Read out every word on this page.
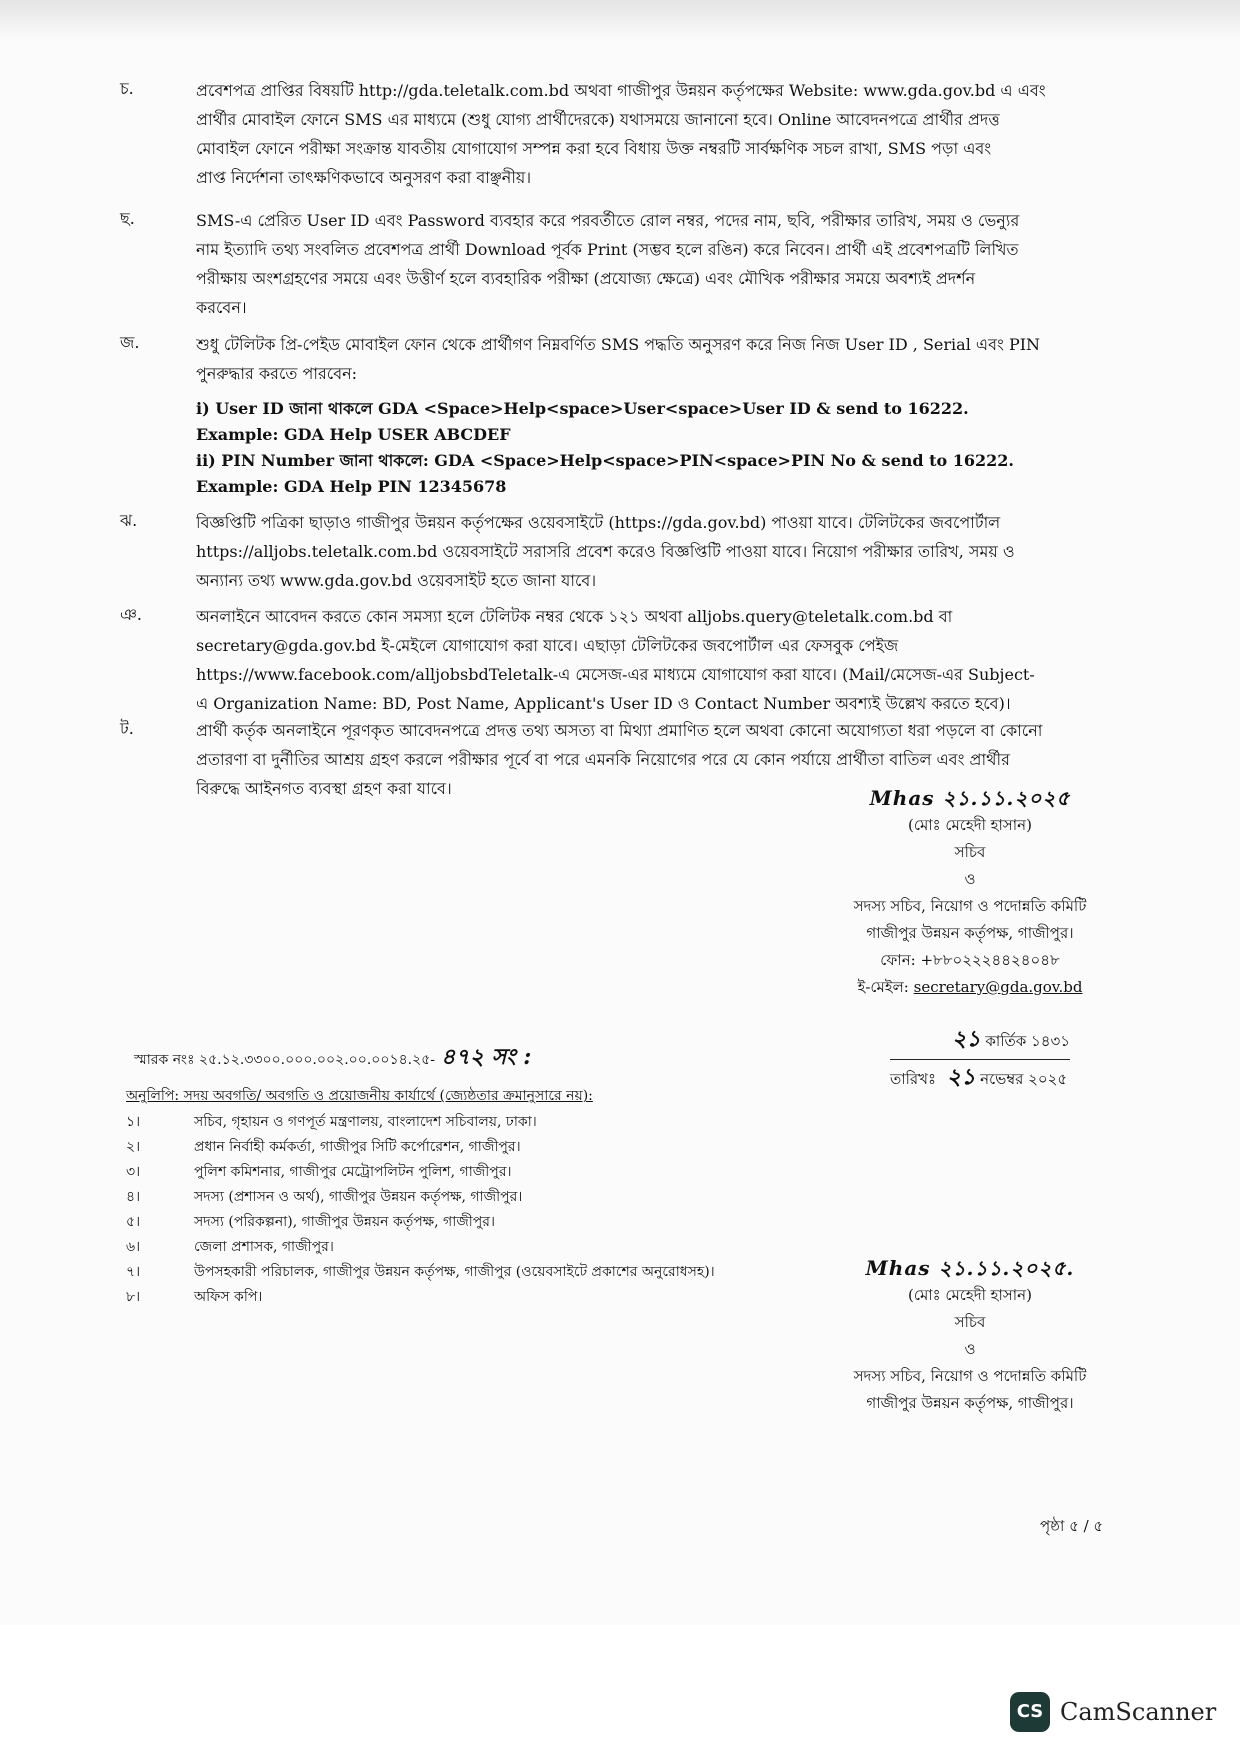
চ.	প্রবেশপত্র প্রাপ্তির বিষয়টি http://gda.teletalk.com.bd অথবা গাজীপুর উন্নয়ন কর্তৃপক্ষের Website: www.gda.gov.bd এ এবং
প্রার্থীর মোবাইল ফোনে SMS এর মাধ্যমে (শুধু যোগ্য প্রার্থীদেরকে) যথাসময়ে জানানো হবে। Online আবেদনপত্রে প্রার্থীর প্রদত্ত
মোবাইল ফোনে পরীক্ষা সংক্রান্ত যাবতীয় যোগাযোগ সম্পন্ন করা হবে বিধায় উক্ত নম্বরটি সার্বক্ষণিক সচল রাখা, SMS পড়া এবং
প্রাপ্ত নির্দেশনা তাৎক্ষণিকভাবে অনুসরণ করা বাঞ্ছনীয়।
ছ.	SMS-এ প্রেরিত User ID এবং Password ব্যবহার করে পরবর্তীতে রোল নম্বর, পদের নাম, ছবি, পরীক্ষার তারিখ, সময় ও ভেন্যুর
নাম ইত্যাদি তথ্য সংবলিত প্রবেশপত্র প্রার্থী Download পূর্বক Print (সম্ভব হলে রঙিন) করে নিবেন। প্রার্থী এই প্রবেশপত্রটি লিখিত
পরীক্ষায় অংশগ্রহণের সময়ে এবং উত্তীর্ণ হলে ব্যবহারিক পরীক্ষা (প্রযোজ্য ক্ষেত্রে) এবং মৌখিক পরীক্ষার সময়ে অবশ্যই প্রদর্শন
করবেন।
জ.	শুধু টেলিটক প্রি-পেইড মোবাইল ফোন থেকে প্রার্থীগণ নিম্নবর্ণিত SMS পদ্ধতি অনুসরণ করে নিজ নিজ User ID , Serial এবং PIN
পুনরুদ্ধার করতে পারবেন:
i) User ID জানা থাকলে GDA <Space>Help<space>User<space>User ID & send to 16222.
Example: GDA Help USER ABCDEF
ii) PIN Number জানা থাকলে: GDA <Space>Help<space>PIN<space>PIN No & send to 16222.
Example: GDA Help PIN 12345678
ঝ.	বিজ্ঞপ্তিটি পত্রিকা ছাড়াও গাজীপুর উন্নয়ন কর্তৃপক্ষের ওয়েবসাইটে (https://gda.gov.bd) পাওয়া যাবে। টেলিটকের জবপোর্টাল
https://alljobs.teletalk.com.bd ওয়েবসাইটে সরাসরি প্রবেশ করেও বিজ্ঞপ্তিটি পাওয়া যাবে। নিয়োগ পরীক্ষার তারিখ, সময় ও
অন্যান্য তথ্য www.gda.gov.bd ওয়েবসাইট হতে জানা যাবে।
ঞ.	অনলাইনে আবেদন করতে কোন সমস্যা হলে টেলিটক নম্বর থেকে ১২১ অথবা alljobs.query@teletalk.com.bd বা
secretary@gda.gov.bd ই-মেইলে যোগাযোগ করা যাবে। এছাড়া টেলিটকের জবপোর্টাল এর ফেসবুক পেইজ
https://www.facebook.com/alljobsbdTeletalk-এ মেসেজ-এর মাধ্যমে যোগাযোগ করা যাবে। (Mail/মেসেজ-এর Subject-
এ Organization Name: BD, Post Name, Applicant's User ID ও Contact Number অবশ্যই উল্লেখ করতে হবে)।
ট.	প্রার্থী কর্তৃক অনলাইনে পূরণকৃত আবেদনপত্রে প্রদত্ত তথ্য অসত্য বা মিথ্যা প্রমাণিত হলে অথবা কোনো অযোগ্যতা ধরা পড়লে বা কোনো
প্রতারণা বা দুর্নীতির আশ্রয় গ্রহণ করলে পরীক্ষার পূর্বে বা পরে এমনকি নিয়োগের পরে যে কোন পর্যায়ে প্রার্থীতা বাতিল এবং প্রার্থীর
বিরুদ্ধে আইনগত ব্যবস্থা গ্রহণ করা যাবে।	Mhas ২১.১১.২০২৫
(মোঃ মেহেদী হাসান)
সচিব
ও
সদস্য সচিব, নিয়োগ ও পদোন্নতি কমিটি
গাজীপুর উন্নয়ন কর্তৃপক্ষ, গাজীপুর।
ফোন: +৮৮০২২২৪৪২৪০৪৮
ই-মেইল: secretary@gda.gov.bd
স্মারক নংঃ ২৫.১২.৩৩০০.০০০.০০২.০০.০০১৪.২৫- ৪৭২ সং :
২১ কার্তিক ১৪৩১
তারিখঃ ২১ নভেম্বর ২০২৫
অনুলিপি: সদয় অবগতি/ অবগতি ও প্রয়োজনীয় কার্যার্থে (জ্যেষ্ঠতার ক্রমানুসারে নয়):
১।	সচিব, গৃহায়ন ও গণপূর্ত মন্ত্রণালয়, বাংলাদেশ সচিবালয়, ঢাকা।
২।	প্রধান নির্বাহী কর্মকর্তা, গাজীপুর সিটি কর্পোরেশন, গাজীপুর।
৩।	পুলিশ কমিশনার, গাজীপুর মেট্রোপলিটন পুলিশ, গাজীপুর।
৪।	সদস্য (প্রশাসন ও অর্থ), গাজীপুর উন্নয়ন কর্তৃপক্ষ, গাজীপুর।
৫।	সদস্য (পরিকল্পনা), গাজীপুর উন্নয়ন কর্তৃপক্ষ, গাজীপুর।
৬।	জেলা প্রশাসক, গাজীপুর।
৭।	উপসহকারী পরিচালক, গাজীপুর উন্নয়ন কর্তৃপক্ষ, গাজীপুর (ওয়েবসাইটে প্রকাশের অনুরোধসহ)।
৮।	অফিস কপি।
Mhas ২১.১১.২০২৫.
(মোঃ মেহেদী হাসান)
সচিব
ও
সদস্য সচিব, নিয়োগ ও পদোন্নতি কমিটি
গাজীপুর উন্নয়ন কর্তৃপক্ষ, গাজীপুর।
পৃষ্ঠা ৫ / ৫
CS CamScanner
